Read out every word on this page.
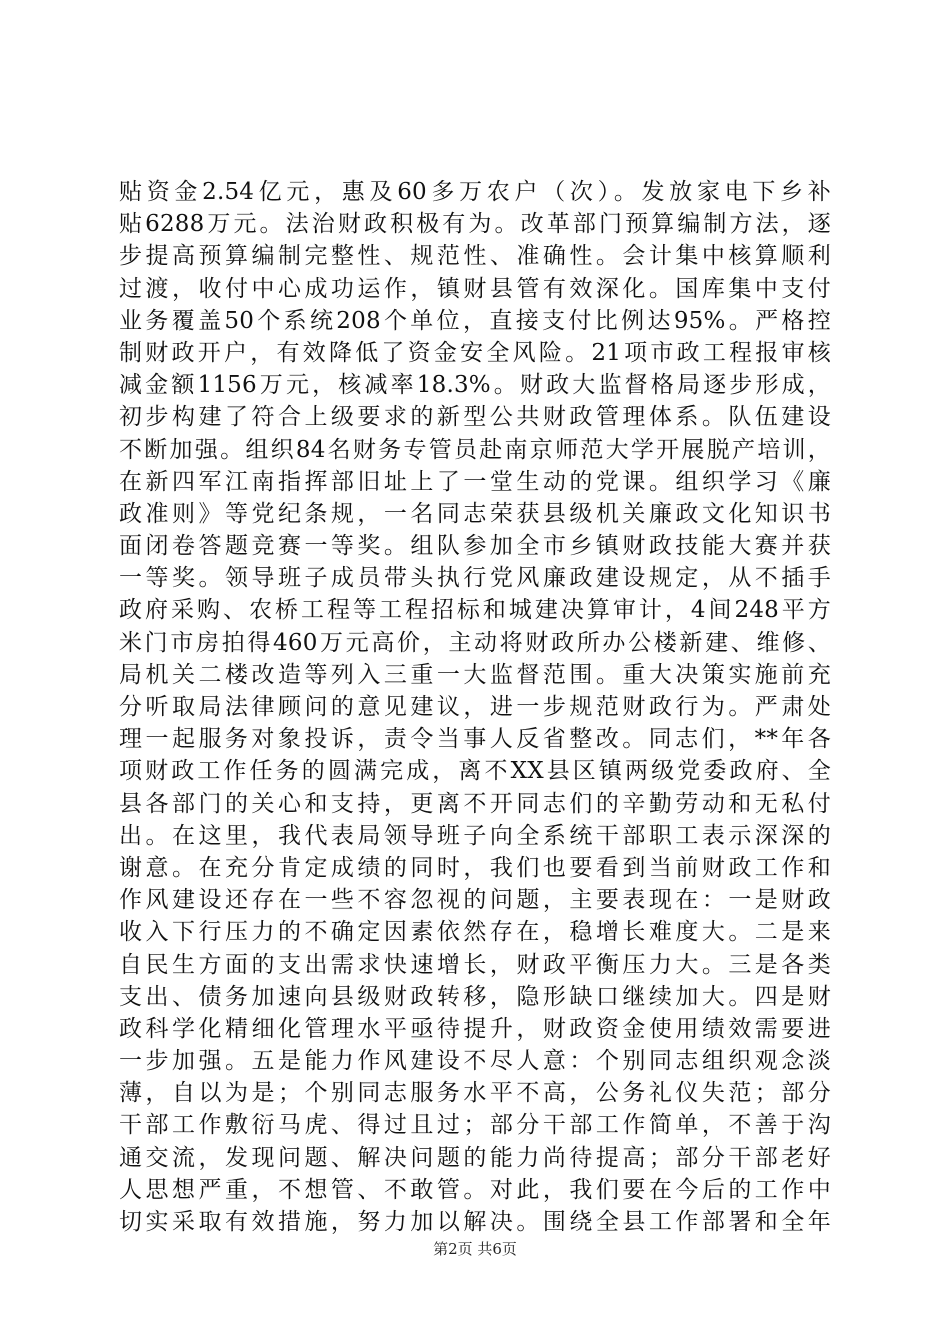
贴资金2.54亿元，惠及60多万农户（次）。发放家电下乡补
贴6288万元。法治财政积极有为。改革部门预算编制方法，逐
步提高预算编制完整性、规范性、准确性。会计集中核算顺利
过渡，收付中心成功运作，镇财县管有效深化。国库集中支付
业务覆盖50个系统208个单位，直接支付比例达95%。严格控
制财政开户，有效降低了资金安全风险。21项市政工程报审核
减金额1156万元，核减率18.3%。财政大监督格局逐步形成，
初步构建了符合上级要求的新型公共财政管理体系。队伍建设
不断加强。组织84名财务专管员赴南京师范大学开展脱产培训，
在新四军江南指挥部旧址上了一堂生动的党课。组织学习《廉
政准则》等党纪条规，一名同志荣获县级机关廉政文化知识书
面闭卷答题竞赛一等奖。组队参加全市乡镇财政技能大赛并获
一等奖。领导班子成员带头执行党风廉政建设规定，从不插手
政府采购、农桥工程等工程招标和城建决算审计，4间248平方
米门市房拍得460万元高价，主动将财政所办公楼新建、维修、
局机关二楼改造等列入三重一大监督范围。重大决策实施前充
分听取局法律顾问的意见建议，进一步规范财政行为。严肃处
理一起服务对象投诉，责令当事人反省整改。同志们，**年各
项财政工作任务的圆满完成，离不XX县区镇两级党委政府、全
县各部门的关心和支持，更离不开同志们的辛勤劳动和无私付
出。在这里，我代表局领导班子向全系统干部职工表示深深的
谢意。在充分肯定成绩的同时，我们也要看到当前财政工作和
作风建设还存在一些不容忽视的问题，主要表现在：一是财政
收入下行压力的不确定因素依然存在，稳增长难度大。二是来
自民生方面的支出需求快速增长，财政平衡压力大。三是各类
支出、债务加速向县级财政转移，隐形缺口继续加大。四是财
政科学化精细化管理水平亟待提升，财政资金使用绩效需要进
一步加强。五是能力作风建设不尽人意：个别同志组织观念淡
薄，自以为是；个别同志服务水平不高，公务礼仪失范；部分
干部工作敷衍马虎、得过且过；部分干部工作简单，不善于沟
通交流，发现问题、解决问题的能力尚待提高；部分干部老好
人思想严重，不想管、不敢管。对此，我们要在今后的工作中
切实采取有效措施，努力加以解决。围绕全县工作部署和全年
第2页 共6页
